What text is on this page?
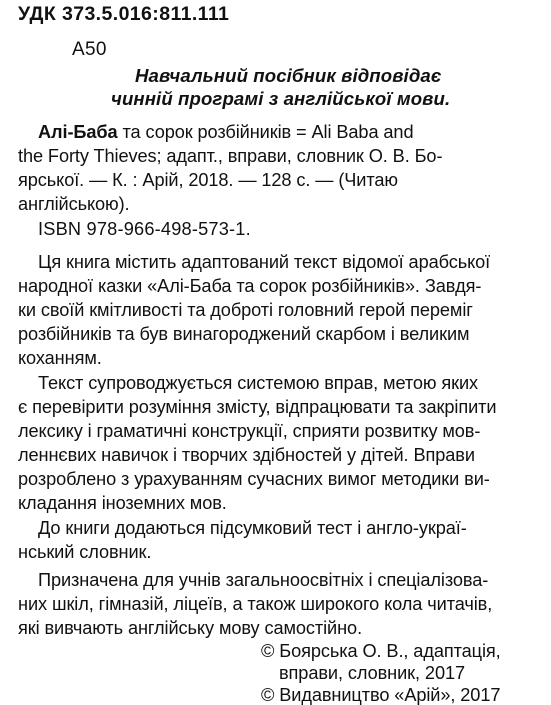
УДК 373.5.016:811.111
А50
Навчальний посібник відповідає
чинній програмі з англійської мови.
Алі-Баба та сорок розбійників = Ali Baba and
the Forty Thieves; адапт., вправи, словник О. В. Бо-
ярської. — К. : Арій, 2018. — 128 с. — (Читаю
англійською).
ISBN 978-966-498-573-1.
Ця книга містить адаптований текст відомої арабської
народної казки «Алі-Баба та сорок розбійників». Завдя-
ки своїй кмітливості та доброті головний герой переміг
розбійників та був винагороджений скарбом і великим
коханням.
Текст супроводжується системою вправ, метою яких
є перевірити розуміння змісту, відпрацювати та закріпити
лексику і граматичні конструкції, сприяти розвитку мов-
леннєвих навичок і творчих здібностей у дітей. Вправи
розроблено з урахуванням сучасних вимог методики ви-
кладання іноземних мов.
До книги додаються підсумковий тест і англо-украї-
нський словник.
Призначена для учнів загальноосвітніх і спеціалізова-
них шкіл, гімназій, ліцеїв, а також широкого кола читачів,
які вивчають англійську мову самостійно.
© Боярська О. В., адаптація,
вправи, словник, 2017
© Видавництво «Арій», 2017
